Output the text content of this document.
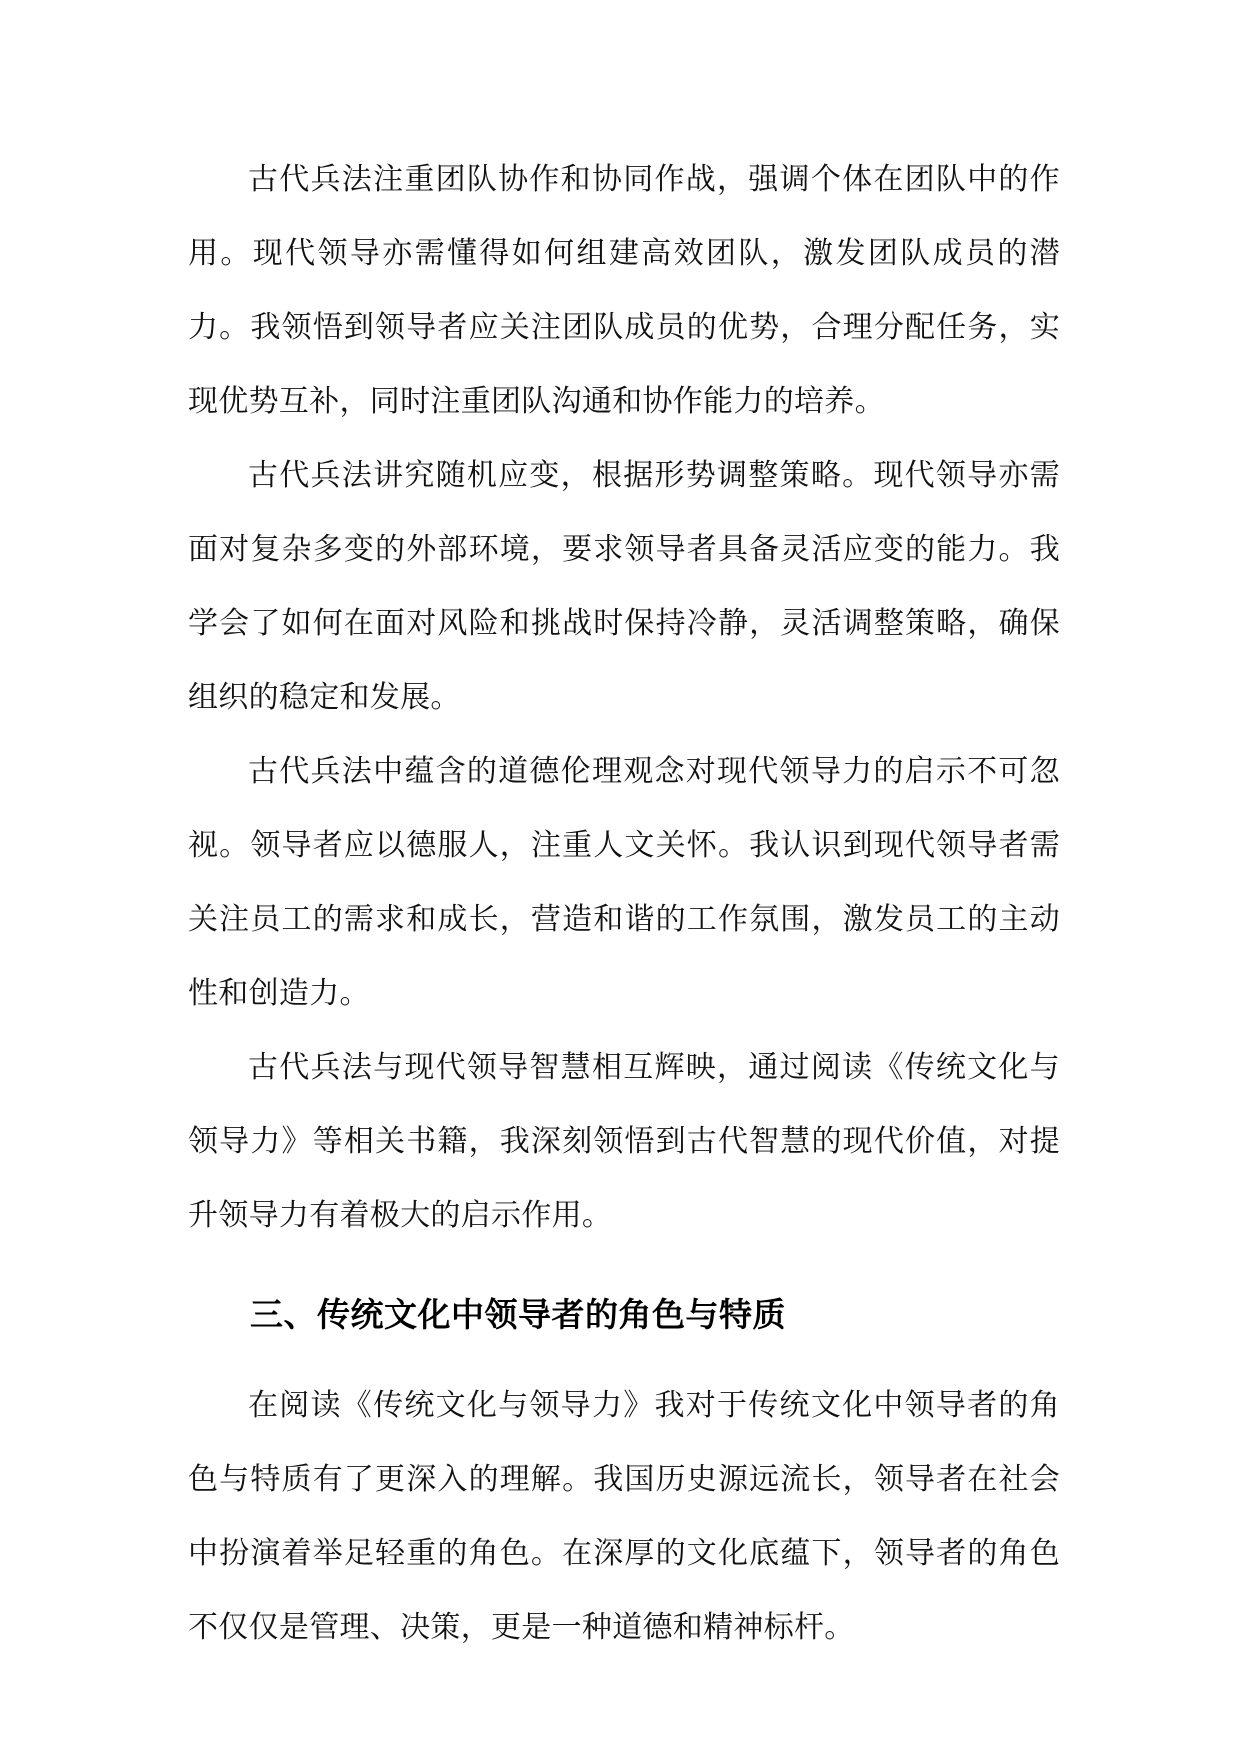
古代兵法注重团队协作和协同作战，强调个体在团队中的作用。现代领导亦需懂得如何组建高效团队，激发团队成员的潜力。我领悟到领导者应关注团队成员的优势，合理分配任务，实现优势互补，同时注重团队沟通和协作能力的培养。

古代兵法讲究随机应变，根据形势调整策略。现代领导亦需面对复杂多变的外部环境，要求领导者具备灵活应变的能力。我学会了如何在面对风险和挑战时保持冷静，灵活调整策略，确保组织的稳定和发展。

古代兵法中蕴含的道德伦理观念对现代领导力的启示不可忽视。领导者应以德服人，注重人文关怀。我认识到现代领导者需关注员工的需求和成长，营造和谐的工作氛围，激发员工的主动性和创造力。

古代兵法与现代领导智慧相互辉映，通过阅读《传统文化与领导力》等相关书籍，我深刻领悟到古代智慧的现代价值，对提升领导力有着极大的启示作用。

三、传统文化中领导者的角色与特质

在阅读《传统文化与领导力》我对于传统文化中领导者的角色与特质有了更深入的理解。我国历史源远流长，领导者在社会中扮演着举足轻重的角色。在深厚的文化底蕴下，领导者的角色不仅仅是管理、决策，更是一种道德和精神标杆。
